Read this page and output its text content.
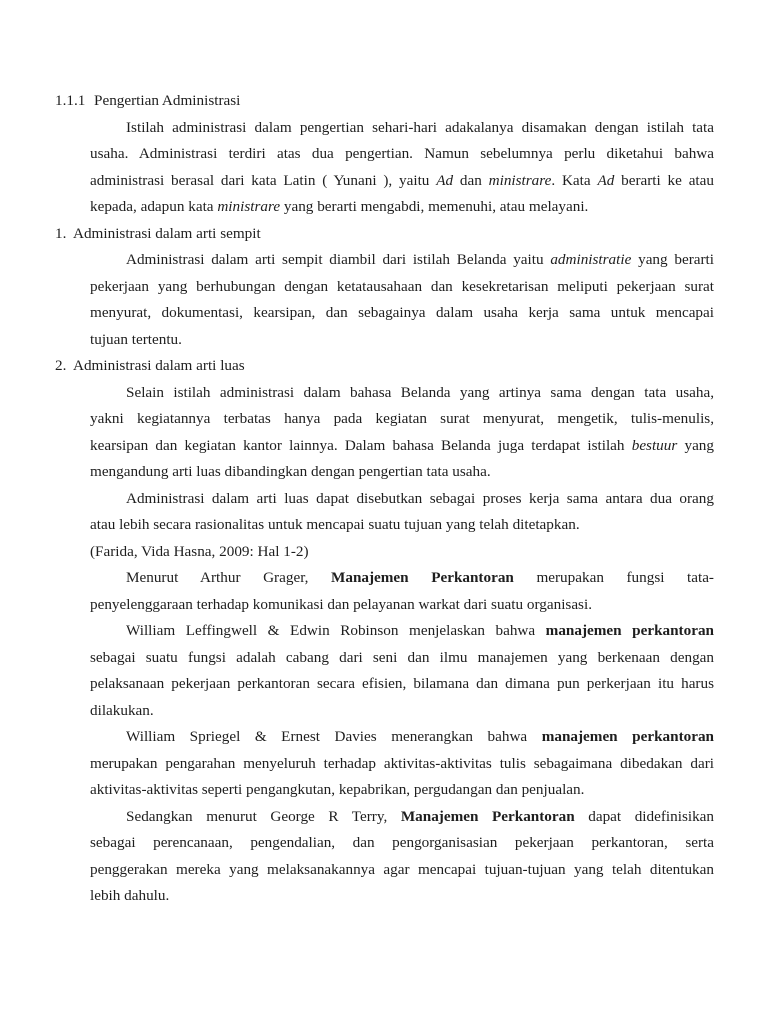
1.1.1 Pengertian Administrasi
Istilah administrasi dalam pengertian sehari-hari adakalanya disamakan dengan istilah tata
usaha. Administrasi terdiri atas dua pengertian. Namun sebelumnya perlu diketahui bahwa
administrasi berasal dari kata Latin ( Yunani ), yaitu Ad dan ministrare. Kata Ad berarti ke atau
kepada, adapun kata ministrare yang berarti mengabdi, memenuhi, atau melayani.
1. Administrasi dalam arti sempit
Administrasi dalam arti sempit diambil dari istilah Belanda yaitu administratie yang berarti
pekerjaan yang berhubungan dengan ketatausahaan dan kesekretarisan meliputi pekerjaan surat
menyurat, dokumentasi, kearsipan, dan sebagainya dalam usaha kerja sama untuk mencapai
tujuan tertentu.
2. Administrasi dalam arti luas
Selain istilah administrasi dalam bahasa Belanda yang artinya sama dengan tata usaha,
yakni kegiatannya terbatas hanya pada kegiatan surat menyurat, mengetik, tulis-menulis,
kearsipan dan kegiatan kantor lainnya. Dalam bahasa Belanda juga terdapat istilah bestuur yang
mengandung arti luas dibandingkan dengan pengertian tata usaha.
Administrasi dalam arti luas dapat disebutkan sebagai proses kerja sama antara dua orang
atau lebih secara rasionalitas untuk mencapai suatu tujuan yang telah ditetapkan.
(Farida, Vida Hasna, 2009: Hal 1-2)
Menurut Arthur Grager, Manajemen Perkantoran merupakan fungsi tata-
penyelenggaraan terhadap komunikasi dan pelayanan warkat dari suatu organisasi.
William Leffingwell & Edwin Robinson menjelaskan bahwa manajemen perkantoran
sebagai suatu fungsi adalah cabang dari seni dan ilmu manajemen yang berkenaan dengan
pelaksanaan pekerjaan perkantoran secara efisien, bilamana dan dimana pun perkerjaan itu harus
dilakukan.
William Spriegel & Ernest Davies menerangkan bahwa manajemen perkantoran
merupakan pengarahan menyeluruh terhadap aktivitas-aktivitas tulis sebagaimana dibedakan dari
aktivitas-aktivitas seperti pengangkutan, kepabrikan, pergudangan dan penjualan.
Sedangkan menurut George R Terry, Manajemen Perkantoran dapat didefinisikan
sebagai perencanaan, pengendalian, dan pengorganisasian pekerjaan perkantoran, serta
penggerakan mereka yang melaksanakannya agar mencapai tujuan-tujuan yang telah ditentukan
lebih dahulu.
